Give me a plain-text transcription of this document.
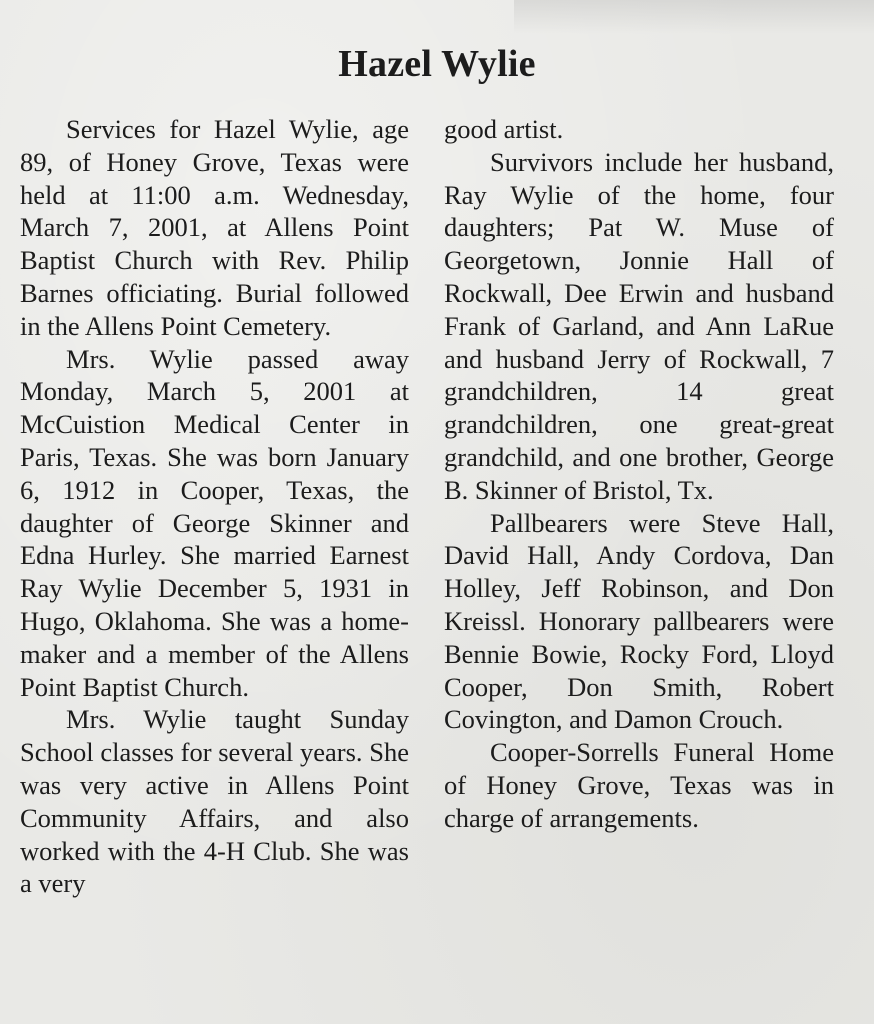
Hazel Wylie

Services for Hazel Wylie, age 89, of Honey Grove, Texas were held at 11:00 a.m. Wednesday, March 7, 2001, at Allens Point Baptist Church with Rev. Philip Barnes officiating. Burial followed in the Allens Point Cemetery.

Mrs. Wylie passed away Monday, March 5, 2001 at McCuistion Medical Center in Paris, Texas. She was born January 6, 1912 in Cooper, Texas, the daughter of George Skinner and Edna Hurley. She married Earnest Ray Wylie December 5, 1931 in Hugo, Oklahoma. She was a homemaker and a member of the Allens Point Baptist Church.

Mrs. Wylie taught Sunday School classes for several years. She was very active in Allens Point Community Affairs, and also worked with the 4-H Club. She was a very

good artist.

Survivors include her husband, Ray Wylie of the home, four daughters; Pat W. Muse of Georgetown, Jonnie Hall of Rockwall, Dee Erwin and husband Frank of Garland, and Ann LaRue and husband Jerry of Rockwall, 7 grandchildren, 14 great grandchildren, one great-great grandchild, and one brother, George B. Skinner of Bristol, Tx.

Pallbearers were Steve Hall, David Hall, Andy Cordova, Dan Holley, Jeff Robinson, and Don Kreissl. Honorary pallbearers were Bennie Bowie, Rocky Ford, Lloyd Cooper, Don Smith, Robert Covington, and Damon Crouch.

Cooper-Sorrells Funeral Home of Honey Grove, Texas was in charge of arrangements.
